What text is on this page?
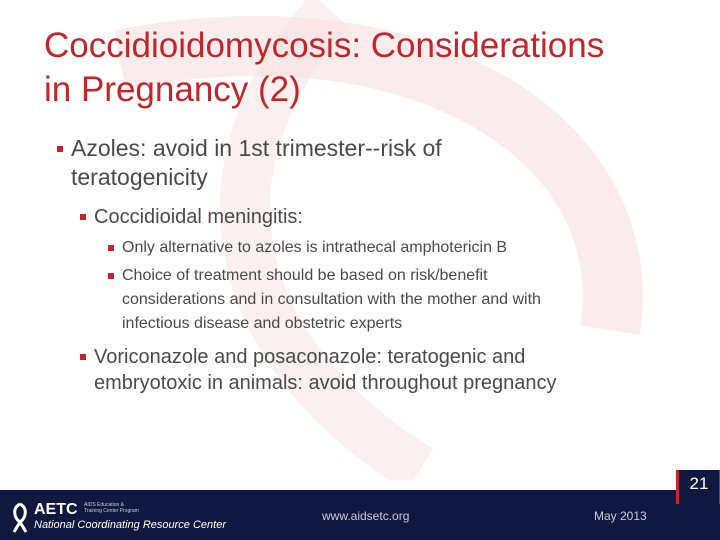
Coccidioidomycosis: Considerations
in Pregnancy (2)
Azoles: avoid in 1st trimester--risk of
teratogenicity
Coccidioidal meningitis:
Only alternative to azoles is intrathecal amphotericin B
Choice of treatment should be based on risk/benefit
considerations and in consultation with the mother and with
infectious disease and obstetric experts
Voriconazole and posaconazole: teratogenic and
embryotoxic in animals: avoid throughout pregnancy
AETC AIDS Education &
Training Center Program
National Coordinating Resource Center
www.aidsetc.org	May 2013
21
